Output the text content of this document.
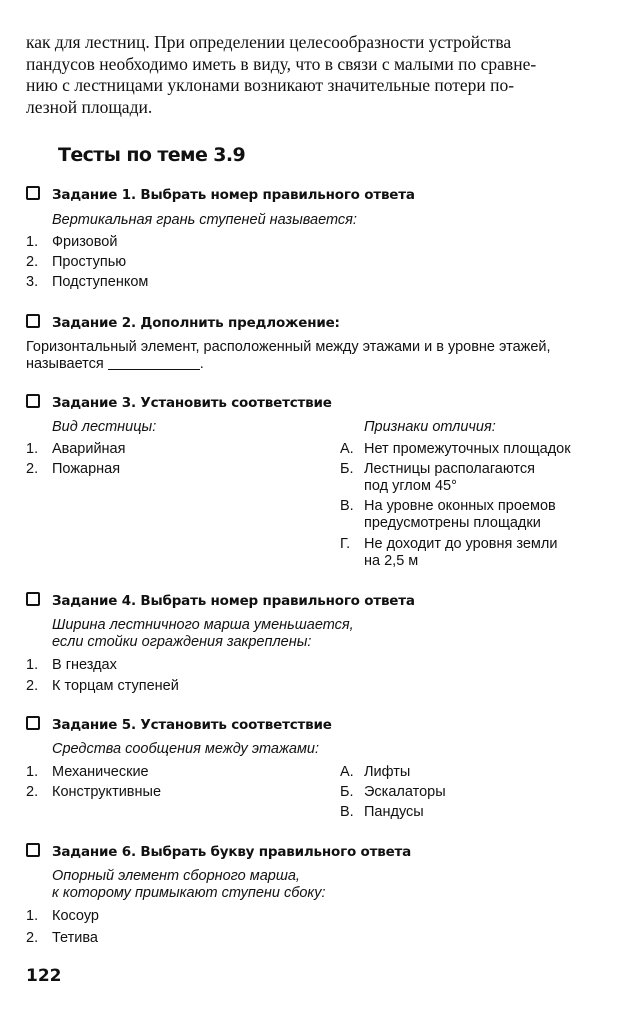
как для лестниц. При определении целесообразности устройства
пандусов необходимо иметь в виду, что в связи с малыми по сравне-
нию с лестницами уклонами возникают значительные потери по-
лезной площади.
Тесты по теме 3.9
Задание 1. Выбрать номер правильного ответа
Вертикальная грань ступеней называется:
1. Фризовой
2. Проступью
3. Подступенком
Задание 2. Дополнить предложение:
Горизонтальный элемент, расположенный между этажами и в уровне этажей,
называется	.
Задание 3. Установить соответствие
Вид лестницы:	Признаки отличия:
1. Аварийная
2. Пожарная
А. Нет промежуточных площадок
Б. Лестницы располагаются
под углом 45°
В. На уровне оконных проемов
предусмотрены площадки
Г. Не доходит до уровня земли
на 2,5 м
Задание 4. Выбрать номер правильного ответа
Ширина лестничного марша уменьшается,
если стойки ограждения закреплены:
1. В гнездах
2. К торцам ступеней
Задание 5. Установить соответствие
Средства сообщения между этажами:
1. Механические
2. Конструктивные
А. Лифты
Б. Эскалаторы
В. Пандусы
Задание 6. Выбрать букву правильного ответа
Опорный элемент сборного марша,
к которому примыкают ступени сбоку:
1. Косоур
2. Тетива
122
